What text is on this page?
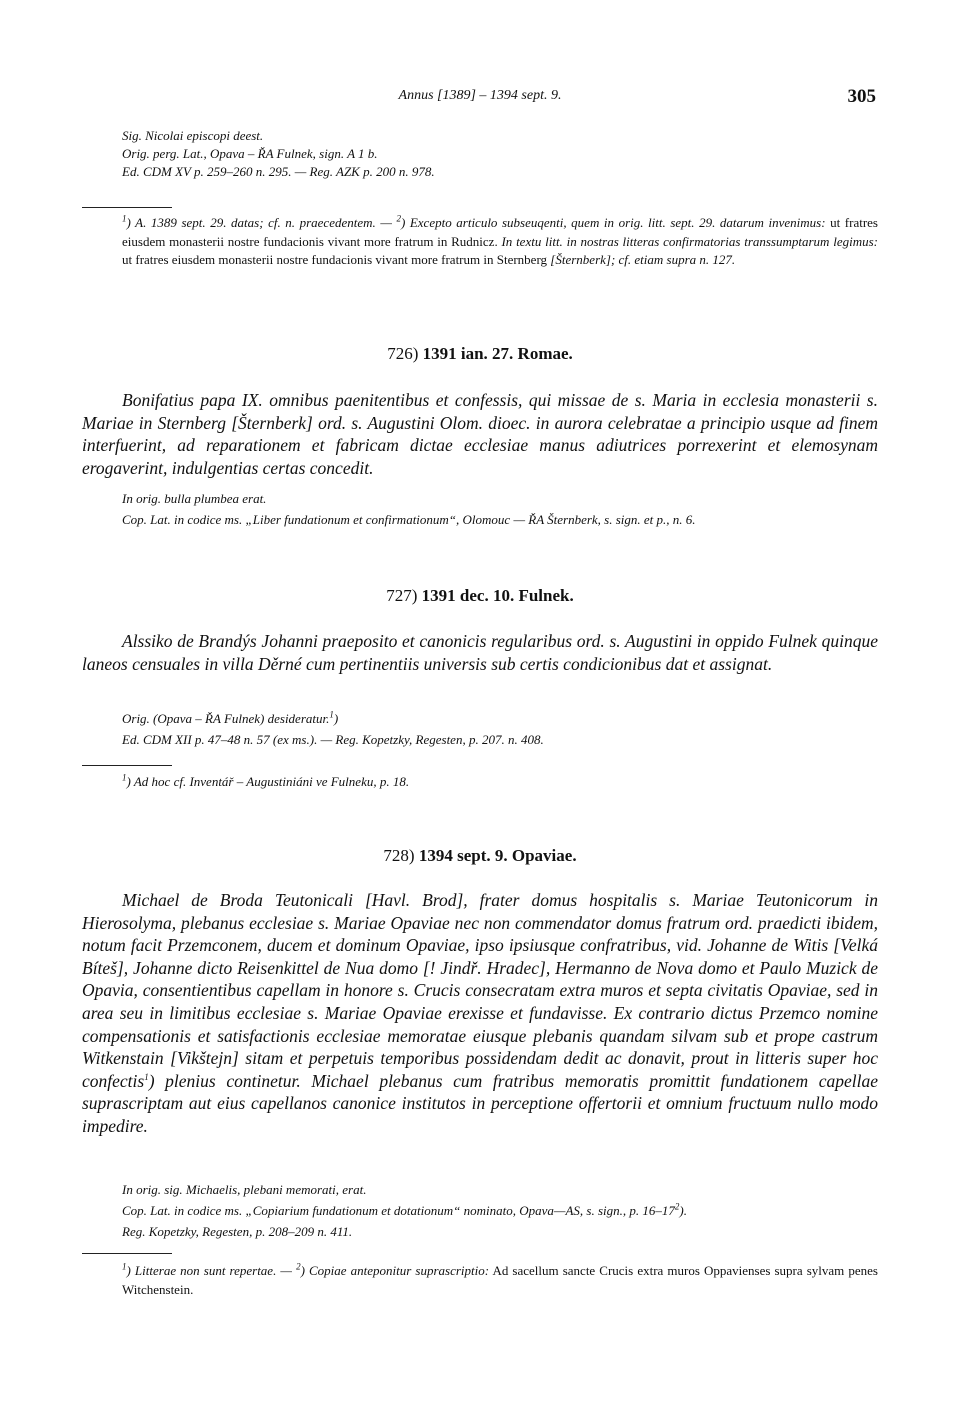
Annus [1389] – 1394 sept. 9.	305
Sig. Nicolai episcopi deest.
Orig. perg. Lat., Opava – ŘA Fulnek, sign. A 1 b.
Ed. CDM XV p. 259–260 n. 295. — Reg. AZK p. 200 n. 978.
$^1$) A. 1389 sept. 29. datas; cf. n. praecedentem. — $^2$) Excepto articulo subseuqenti, quem in orig. litt. sept. 29. datarum invenimus: ut fratres eiusdem monasterii nostre fundacionis vivant more fratrum in Rudnicz. In textu litt. in nostras litteras confirmatorias transsumptarum legimus: ut fratres eiusdem monasterii nostre fundacionis vivant more fratrum in Sternberg [Šternberk]; cf. etiam supra n. 127.
726) 1391 ian. 27. Romae.
Bonifatius papa IX. omnibus paenitentibus et confessis, qui missae de s. Maria in ecclesia monasterii s. Mariae in Sternberg [Šternberk] ord. s. Augustini Olom. dioec. in aurora celebratae a principio usque ad finem interfuerint, ad reparationem et fabricam dictae ecclesiae manus adiutrices porrexerint et elemosynam erogaverint, indulgentias certas concedit.
In orig. bulla plumbea erat.
Cop. Lat. in codice ms. „Liber fundationum et confirmationum“, Olomouc — ŘA Šternberk, s. sign. et p., n. 6.
727) 1391 dec. 10. Fulnek.
Alssiko de Brandýs Johanni praeposito et canonicis regularibus ord. s. Augustini in oppido Fulnek quinque laneos censuales in villa Děrné cum pertinentiis universis sub certis condicionibus dat et assignat.
Orig. (Opava – ŘA Fulnek) desideratur.$^1$)
Ed. CDM XII p. 47–48 n. 57 (ex ms.). — Reg. Kopetzky, Regesten, p. 207. n. 408.
$^1$) Ad hoc cf. Inventář – Augustiniáni ve Fulneku, p. 18.
728) 1394 sept. 9. Opaviae.
Michael de Broda Teutonicali [Havl. Brod], frater domus hospitalis s. Mariae Teutonicorum in Hierosolyma, plebanus ecclesiae s. Mariae Opaviae nec non commendator domus fratrum ord. praedicti ibidem, notum facit Przemconem, ducem et dominum Opaviae, ipso ipsiusque confratribus, vid. Johanne de Witis [Velká Bíteš], Johanne dicto Reisenkittel de Nua domo [! Jindř. Hradec], Hermanno de Nova domo et Paulo Muzick de Opavia, consentientibus capellam in honore s. Crucis consecratam extra muros et septa civitatis Opaviae, sed in area seu in limitibus ecclesiae s. Mariae Opaviae erexisse et fundavisse. Ex contrario dictus Przemco nomine compensationis et satisfactionis ecclesiae memoratae eiusque plebanis quandam silvam sub et prope castrum Witkenstain [Vikštejn] sitam et perpetuis temporibus possidendam dedit ac donavit, prout in litteris super hoc confectis$^1$) plenius continetur. Michael plebanus cum fratribus memoratis promittit fundationem capellae suprascriptam aut eius capellanos canonice institutos in perceptione offertorii et omnium fructuum nullo modo impedire.
In orig. sig. Michaelis, plebani memorati, erat.
Cop. Lat. in codice ms. „Copiarium fundationum et dotationum“ nominato, Opava—AS, s. sign., p. $16-17^2$).
Reg. Kopetzky, Regesten, p. 208–209 n. 411.
$^1$) Litterae non sunt repertae. — $^2$) Copiae anteponitur suprascriptio: Ad sacellum sancte Crucis extra muros Oppavienses supra sylvam penes Witchenstein.
